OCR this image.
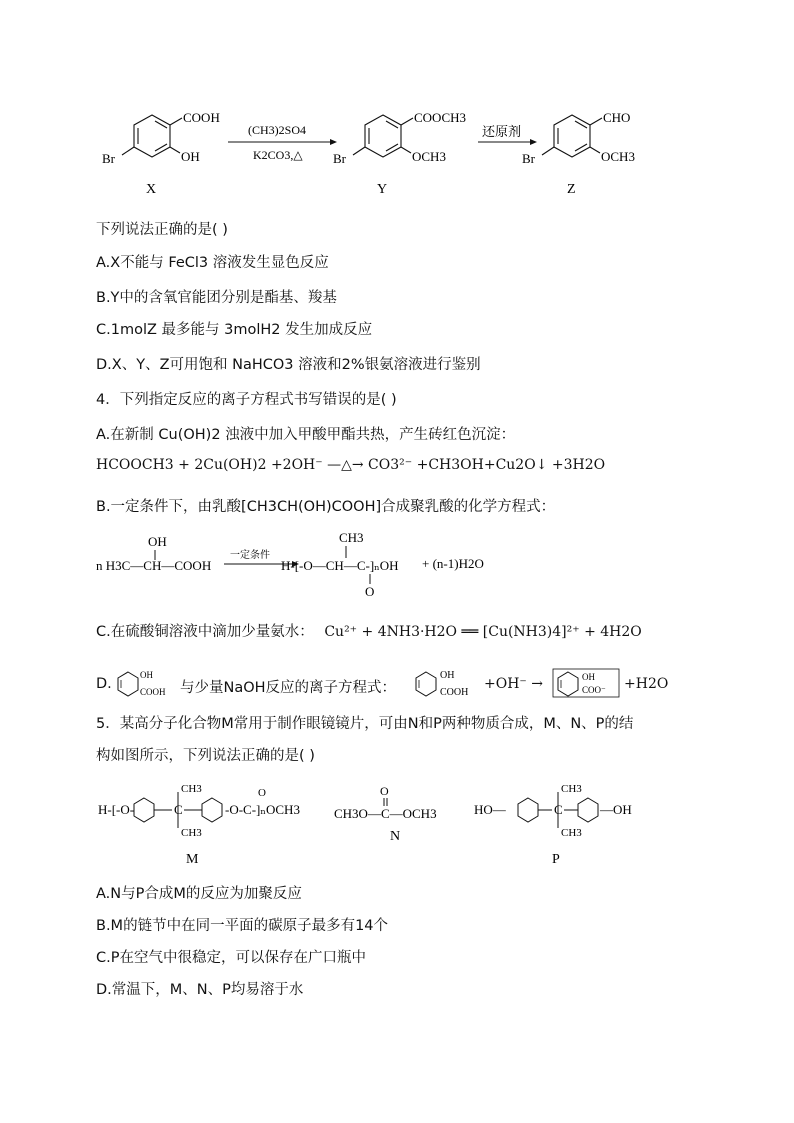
COOH
OH
Br
(CH3)2SO4
K2CO3,△
COOCH3
OCH3
Br
还原剂
CHO
OCH3
Br
X	Y	Z
下列说法正确的是( )
A.X不能与 FeCl3 溶液发生显色反应
B.Y中的含氧官能团分别是酯基、羧基
C.1molZ 最多能与 3molH2 发生加成反应
D.X、Y、Z可用饱和 NaHCO3 溶液和2%银氨溶液进行鉴别
4．下列指定反应的离子方程式书写错误的是( )
A.在新制 Cu(OH)2 浊液中加入甲酸甲酯共热，产生砖红色沉淀：
HCOOCH3 + 2Cu(OH)2 +2OH⁻ —△→ CO3²⁻ +CH3OH+Cu2O↓ +3H2O
B.一定条件下，由乳酸[CH3CH(OH)COOH]合成聚乳酸的化学方程式：
OH
n H3C—CH—COOH
一定条件
CH3
H-[-O—CH—C-]ₙOH
O
+ (n-1)H2O
C.在硫酸铜溶液中滴加少量氨水： Cu²⁺ + 4NH3·H2O ══ [Cu(NH3)4]²⁺ + 4H2O
D.
OH
COOH 与少量NaOH反应的离子方程式：
OH
COOH
+OH⁻ →	OH
COO⁻ +H2O
5．某高分子化合物M常用于制作眼镜镜片，可由N和P两种物质合成，M、N、P的结
构如图所示，下列说法正确的是( )
H-[-O-	C
CH3
CH3
-O-C-]ₙOCH3
O	O
CH3O—C—OCH3	HO—	C
CH3
CH3
—OH
M
N
P
A.N与P合成M的反应为加聚反应
B.M的链节中在同一平面的碳原子最多有14个
C.P在空气中很稳定，可以保存在广口瓶中
D.常温下，M、N、P均易溶于水
